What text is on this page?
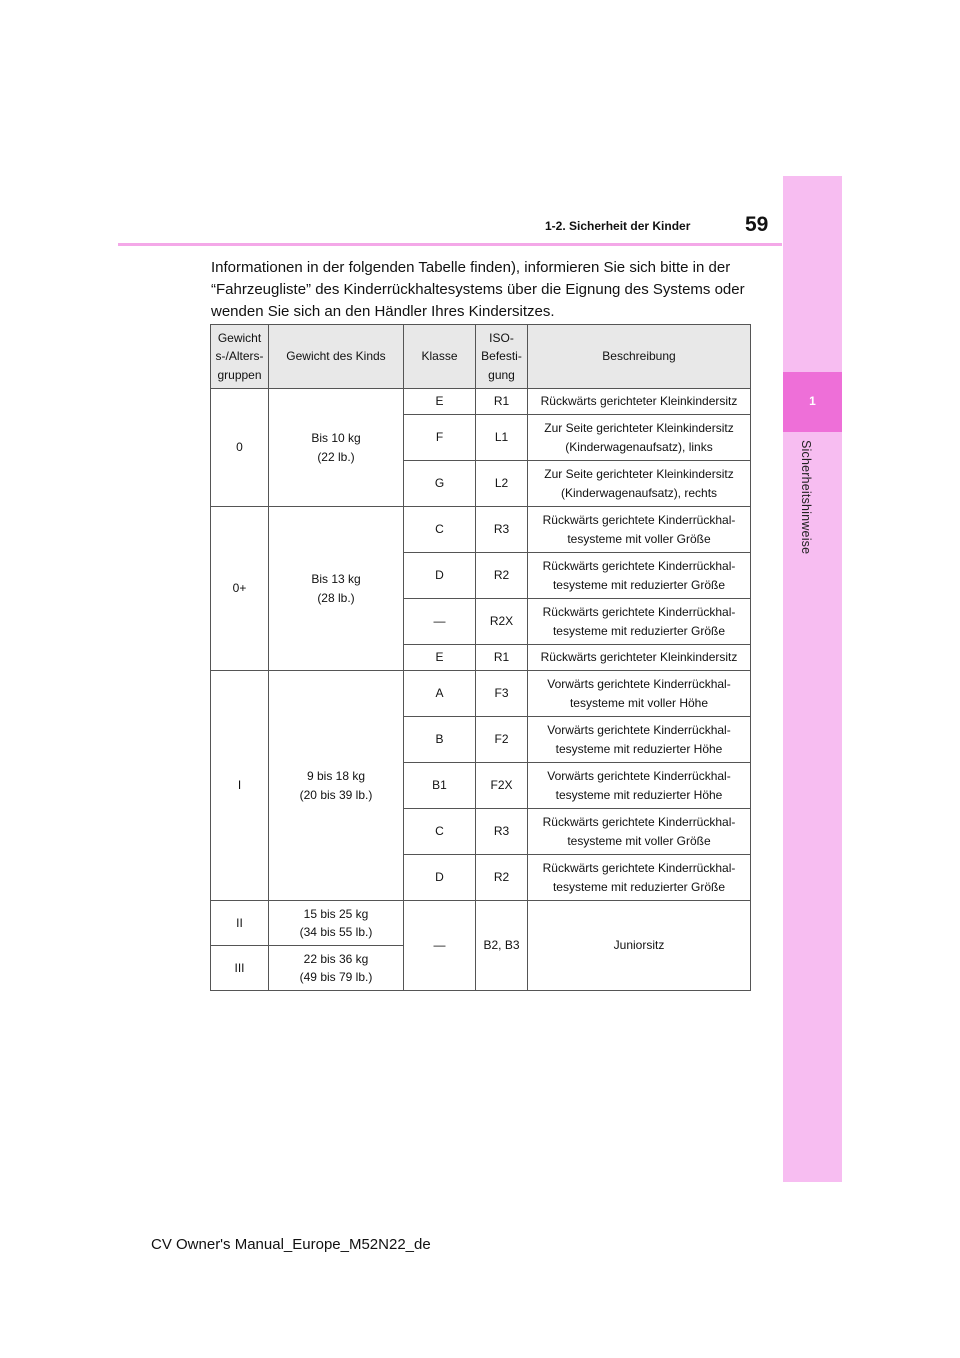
1
Sicherheitshinweise
1-2. Sicherheit der Kinder	59

Informationen in der folgenden Tabelle finden), informieren Sie sich bitte in der

“Fahrzeugliste” des Kinderrückhaltesystems über die Eignung des Systems oder

wenden Sie sich an den Händler Ihres Kindersitzes.

Gewicht
s-/Alters-
gruppen	Gewicht des Kinds	Klasse	ISO-
Befesti-
gung	Beschreibung
0	Bis 10 kg
(22 lb.)	E	R1	Rückwärts gerichteter Kleinkindersitz
		F	L1	Zur Seite gerichteter Kleinkindersitz
(Kinderwagenaufsatz), links
		G	L2	Zur Seite gerichteter Kleinkindersitz
(Kinderwagenaufsatz), rechts
0+	Bis 13 kg
(28 lb.)	C	R3	Rückwärts gerichtete Kinderrückhal-
tesysteme mit voller Größe
		D	R2	Rückwärts gerichtete Kinderrückhal-
tesysteme mit reduzierter Größe
		—	R2X	Rückwärts gerichtete Kinderrückhal-
tesysteme mit reduzierter Größe
		E	R1	Rückwärts gerichteter Kleinkindersitz
I	9 bis 18 kg
(20 bis 39 lb.)	A	F3	Vorwärts gerichtete Kinderrückhal-
tesysteme mit voller Höhe
		B	F2	Vorwärts gerichtete Kinderrückhal-
tesysteme mit reduzierter Höhe
		B1	F2X	Vorwärts gerichtete Kinderrückhal-
tesysteme mit reduzierter Höhe
		C	R3	Rückwärts gerichtete Kinderrückhal-
tesysteme mit voller Größe
		D	R2	Rückwärts gerichtete Kinderrückhal-
tesysteme mit reduzierter Größe
II	15 bis 25 kg
(34 bis 55 lb.)	—	B2, B3	Juniorsitz
III	22 bis 36 kg
(49 bis 79 lb.)			
CV Owner's Manual_Europe_M52N22_de
